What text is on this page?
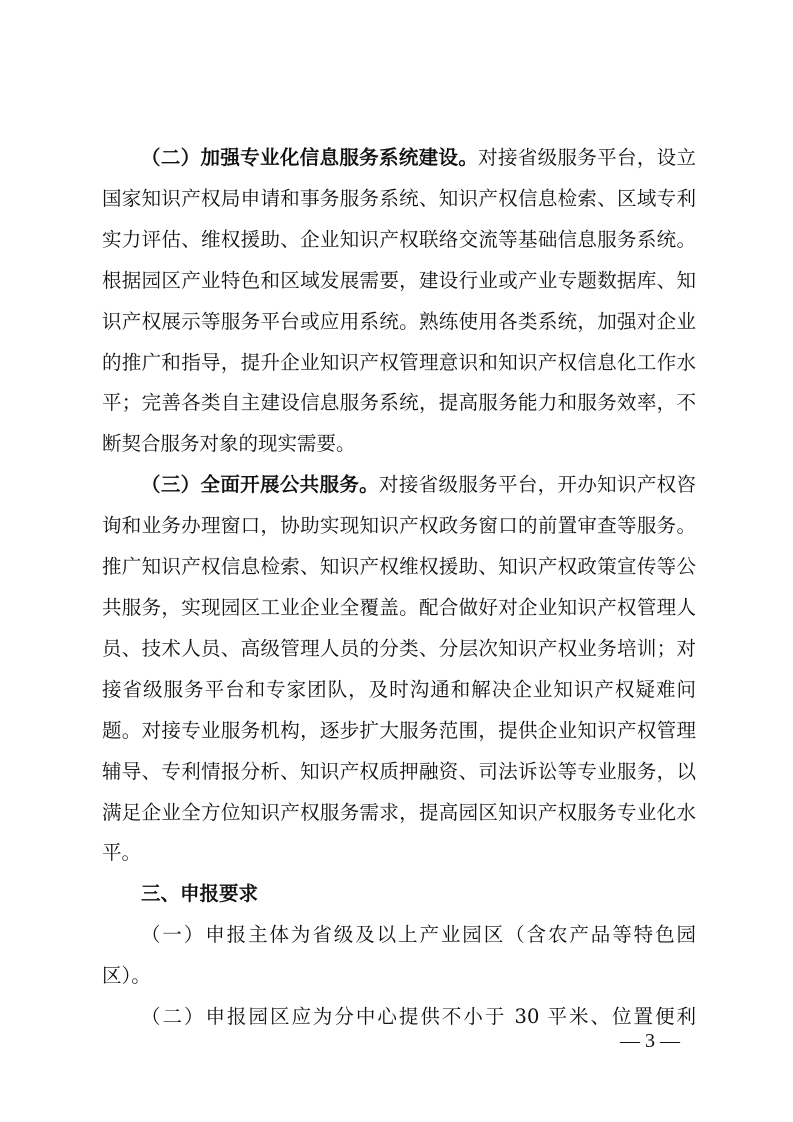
（二）加强专业化信息服务系统建设。对接省级服务平台，设立国家知识产权局申请和事务服务系统、知识产权信息检索、区域专利实力评估、维权援助、企业知识产权联络交流等基础信息服务系统。根据园区产业特色和区域发展需要，建设行业或产业专题数据库、知识产权展示等服务平台或应用系统。熟练使用各类系统，加强对企业的推广和指导，提升企业知识产权管理意识和知识产权信息化工作水平；完善各类自主建设信息服务系统，提高服务能力和服务效率，不断契合服务对象的现实需要。

（三）全面开展公共服务。对接省级服务平台，开办知识产权咨询和业务办理窗口，协助实现知识产权政务窗口的前置审查等服务。推广知识产权信息检索、知识产权维权援助、知识产权政策宣传等公共服务，实现园区工业企业全覆盖。配合做好对企业知识产权管理人员、技术人员、高级管理人员的分类、分层次知识产权业务培训；对接省级服务平台和专家团队，及时沟通和解决企业知识产权疑难问题。对接专业服务机构，逐步扩大服务范围，提供企业知识产权管理辅导、专利情报分析、知识产权质押融资、司法诉讼等专业服务，以满足企业全方位知识产权服务需求，提高园区知识产权服务专业化水平。

三、申报要求

（一）申报主体为省级及以上产业园区（含农产品等特色园区）。

（二）申报园区应为分中心提供不小于 30 平米、位置便利

— 3 —
